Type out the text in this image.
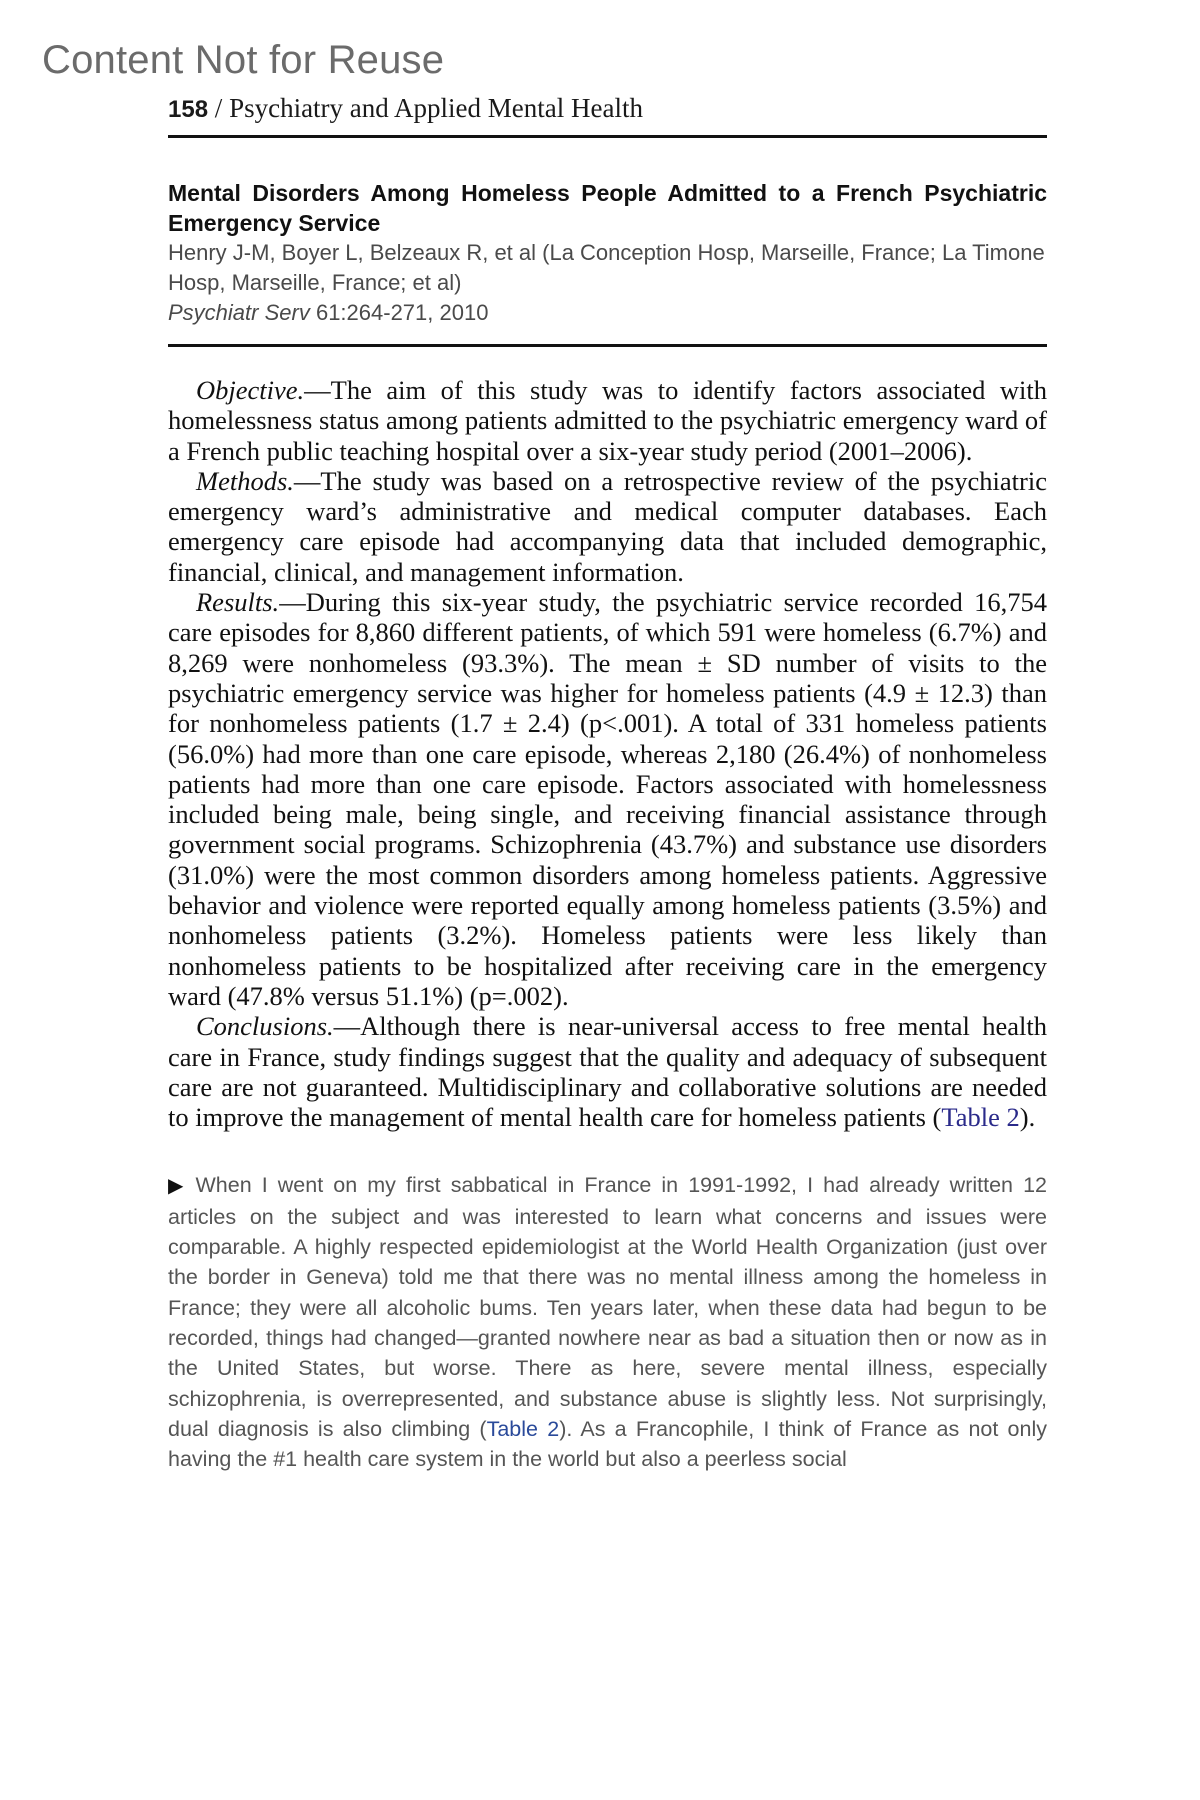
Content Not for Reuse
158 / Psychiatry and Applied Mental Health
Mental Disorders Among Homeless People Admitted to a French Psychiatric Emergency Service
Henry J-M, Boyer L, Belzeaux R, et al (La Conception Hosp, Marseille, France; La Timone Hosp, Marseille, France; et al)
Psychiatr Serv 61:264-271, 2010

Objective.—The aim of this study was to identify factors associated with homelessness status among patients admitted to the psychiatric emergency ward of a French public teaching hospital over a six-year study period (2001–2006).

Methods.—The study was based on a retrospective review of the psychiatric emergency ward’s administrative and medical computer databases. Each emergency care episode had accompanying data that included demographic, financial, clinical, and management information.

Results.—During this six-year study, the psychiatric service recorded 16,754 care episodes for 8,860 different patients, of which 591 were homeless (6.7%) and 8,269 were nonhomeless (93.3%). The mean ± SD number of visits to the psychiatric emergency service was higher for homeless patients (4.9 ± 12.3) than for nonhomeless patients (1.7 ± 2.4) (p<.001). A total of 331 homeless patients (56.0%) had more than one care episode, whereas 2,180 (26.4%) of nonhomeless patients had more than one care episode. Factors associated with homelessness included being male, being single, and receiving financial assistance through government social programs. Schizophrenia (43.7%) and substance use disorders (31.0%) were the most common disorders among homeless patients. Aggressive behavior and violence were reported equally among homeless patients (3.5%) and nonhomeless patients (3.2%). Homeless patients were less likely than nonhomeless patients to be hospitalized after receiving care in the emergency ward (47.8% versus 51.1%) (p=.002).

Conclusions.—Although there is near-universal access to free mental health care in France, study findings suggest that the quality and adequacy of subsequent care are not guaranteed. Multidisciplinary and collaborative solutions are needed to improve the management of mental health care for homeless patients (Table 2).

▶ When I went on my first sabbatical in France in 1991-1992, I had already written 12 articles on the subject and was interested to learn what concerns and issues were comparable. A highly respected epidemiologist at the World Health Organization (just over the border in Geneva) told me that there was no mental illness among the homeless in France; they were all alcoholic bums. Ten years later, when these data had begun to be recorded, things had changed—granted nowhere near as bad a situation then or now as in the United States, but worse. There as here, severe mental illness, especially schizophrenia, is overrepresented, and substance abuse is slightly less. Not surprisingly, dual diagnosis is also climbing (Table 2). As a Francophile, I think of France as not only having the #1 health care system in the world but also a peerless social
